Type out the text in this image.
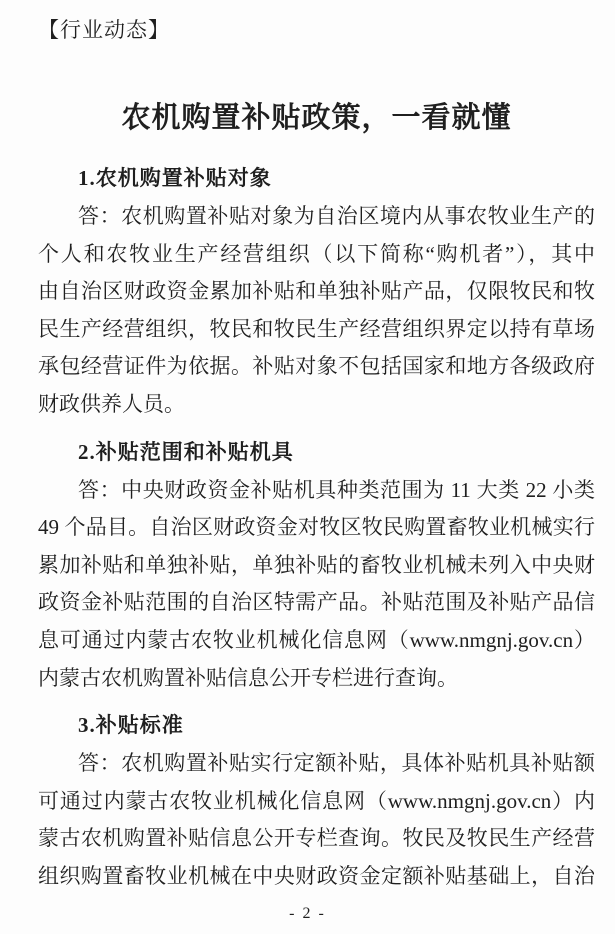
【行业动态】
农机购置补贴政策，一看就懂
1.农机购置补贴对象
答：农机购置补贴对象为自治区境内从事农牧业生产的
个人和农牧业生产经营组织（以下简称“购机者”），其中
由自治区财政资金累加补贴和单独补贴产品，仅限牧民和牧
民生产经营组织，牧民和牧民生产经营组织界定以持有草场
承包经营证件为依据。补贴对象不包括国家和地方各级政府
财政供养人员。
2.补贴范围和补贴机具
答：中央财政资金补贴机具种类范围为 11 大类 22 小类
49 个品目。自治区财政资金对牧区牧民购置畜牧业机械实行
累加补贴和单独补贴，单独补贴的畜牧业机械未列入中央财
政资金补贴范围的自治区特需产品。补贴范围及补贴产品信
息可通过内蒙古农牧业机械化信息网（www.nmgnj.gov.cn）
内蒙古农机购置补贴信息公开专栏进行查询。
3.补贴标准
答：农机购置补贴实行定额补贴，具体补贴机具补贴额
可通过内蒙古农牧业机械化信息网（www.nmgnj.gov.cn）内
蒙古农机购置补贴信息公开专栏查询。牧民及牧民生产经营
组织购置畜牧业机械在中央财政资金定额补贴基础上，自治
- 2 -
